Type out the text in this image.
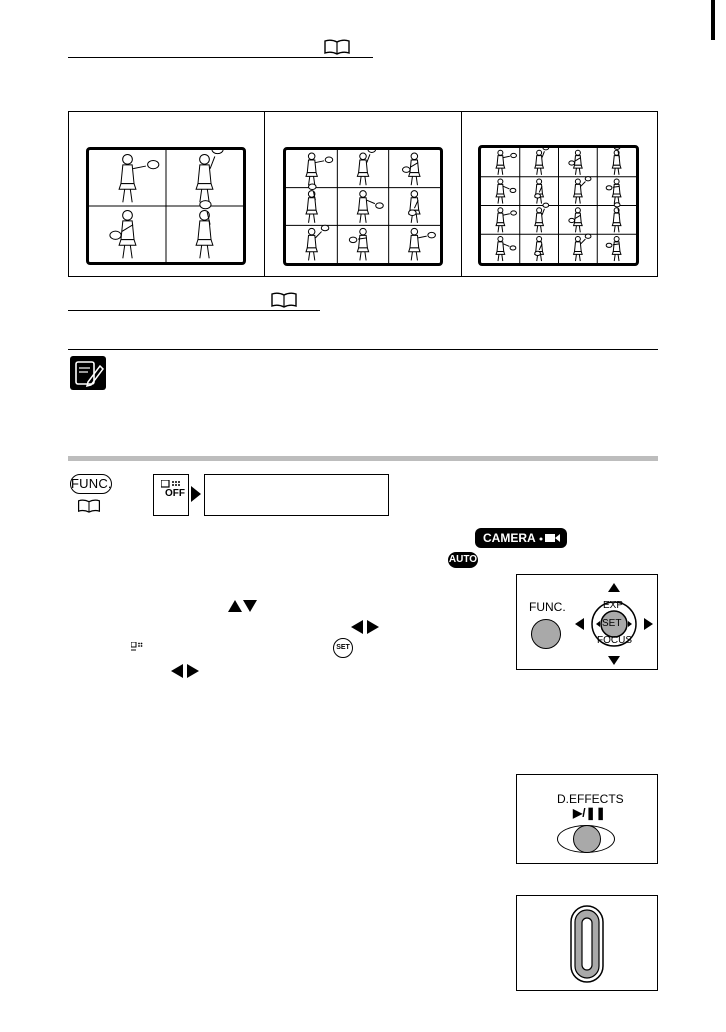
FUNC.
OFF
CAMERA
AUTO
SET
FUNC.	EXP
SET
FOCUS
D.EFFECTS
▶/❚❚
